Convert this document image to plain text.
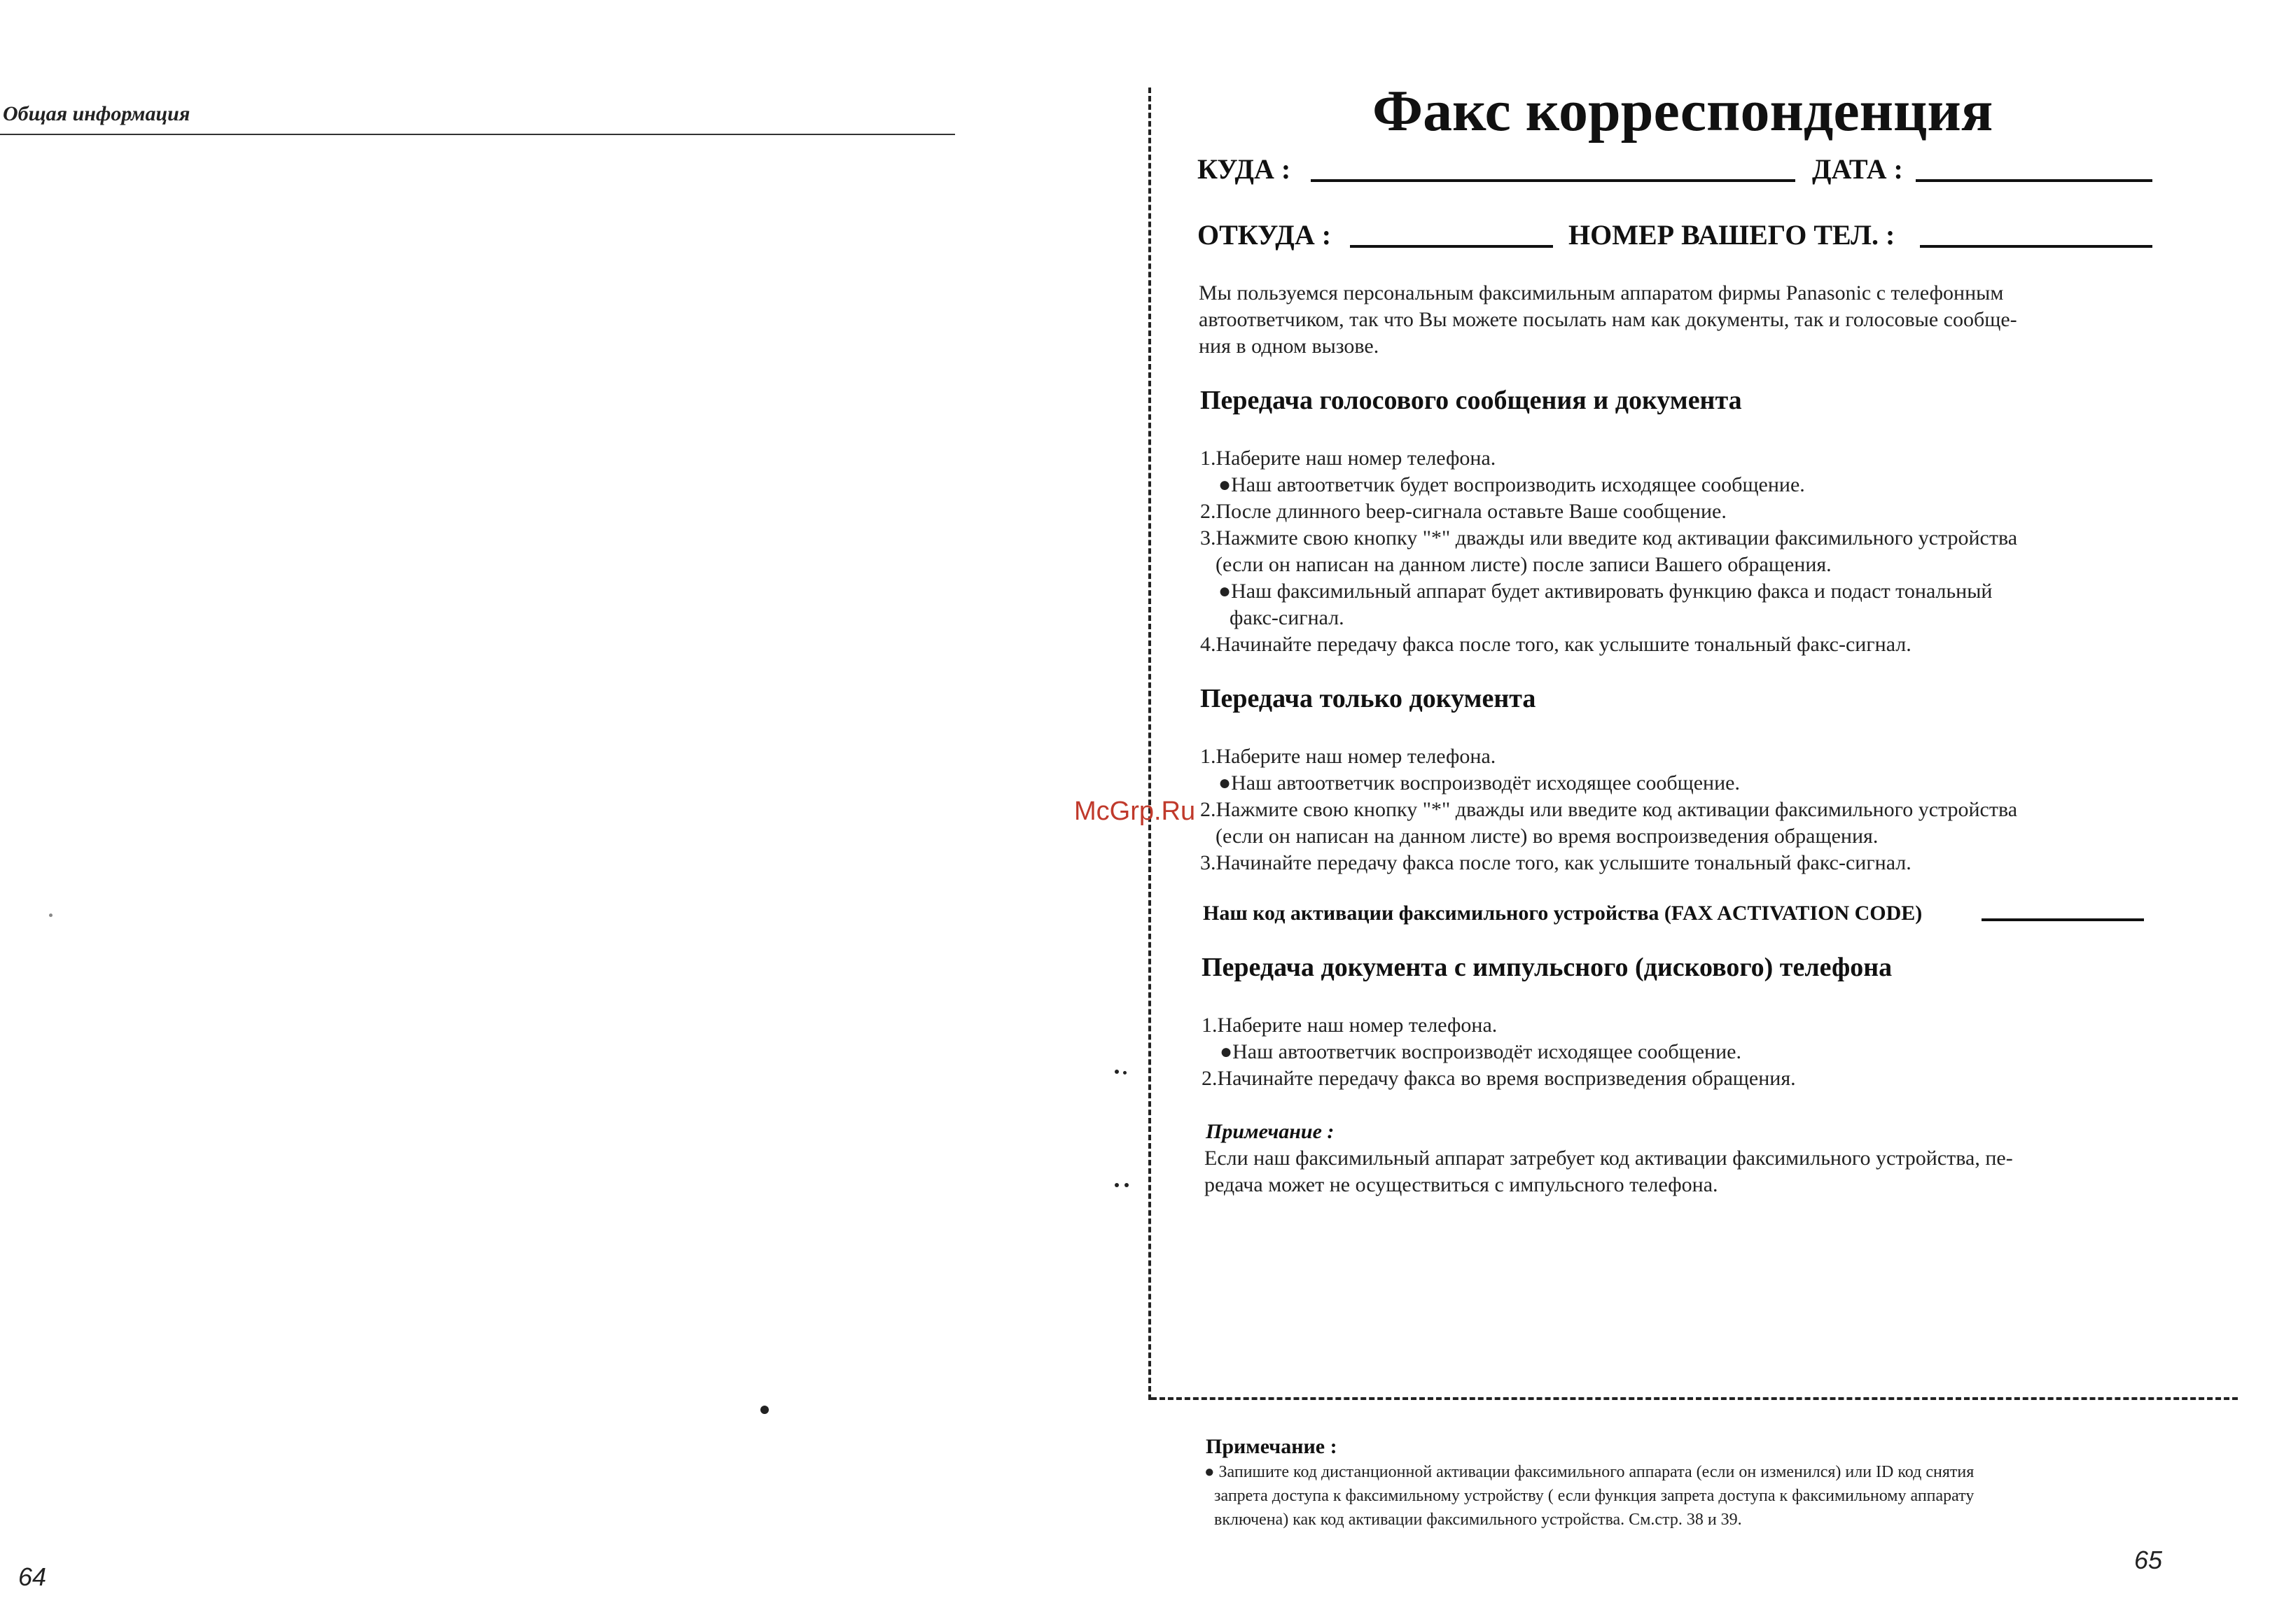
Общая информация
64
Факс корреспонденция
КУДА :	ДАТА :
ОТКУДА :	НОМЕР ВАШЕГО ТЕЛ. :
Мы пользуемся персональным факсимильным аппаратом фирмы Panasonic с телефонным
автоответчиком, так что Вы можете посылать нам как документы, так и голосовые сообще-
ния в одном вызове.
Передача голосового сообщения и документа
1.Наберите наш номер телефона.
●Наш автоответчик будет воспроизводить исходящее сообщение.
2.После длинного beep-сигнала оставьте Ваше сообщение.
3.Нажмите свою кнопку "*" дважды или введите код активации факсимильного устройства
(если он написан на данном листе) после записи Вашего обращения.
●Наш факсимильный аппарат будет активировать функцию факса и подаст тональный
факс-сигнал.
4.Начинайте передачу факса после того, как услышите тональный факс-сигнал.
Передача только документа
1.Наберите наш номер телефона.
●Наш автоответчик воспроизводёт исходящее сообщение.
2.Нажмите свою кнопку "*" дважды или введите код активации факсимильного устройства
(если он написан на данном листе) во время воспроизведения обращения.
3.Начинайте передачу факса после того, как услышите тональный факс-сигнал.
Наш код активации факсимильного устройства (FAX ACTIVATION CODE)
Передача документа с импульсного (дискового) телефона
1.Наберите наш номер телефона.
●Наш автоответчик воспроизводёт исходящее сообщение.
2.Начинайте передачу факса во время воспризведения обращения.
Примечание :
Если наш факсимильный аппарат затребует код активации факсимильного устройства, пе-
редача может не осуществиться с импульсного телефона.
Примечание :
● Запишите код дистанционной активации факсимильного аппарата (если он изменился) или ID код снятия
запрета доступа к факсимильному устройству ( если функция запрета доступа к факсимильному аппарату
включена) как код активации факсимильного устройства. См.стр. 38 и 39.
McGrp.Ru
65
